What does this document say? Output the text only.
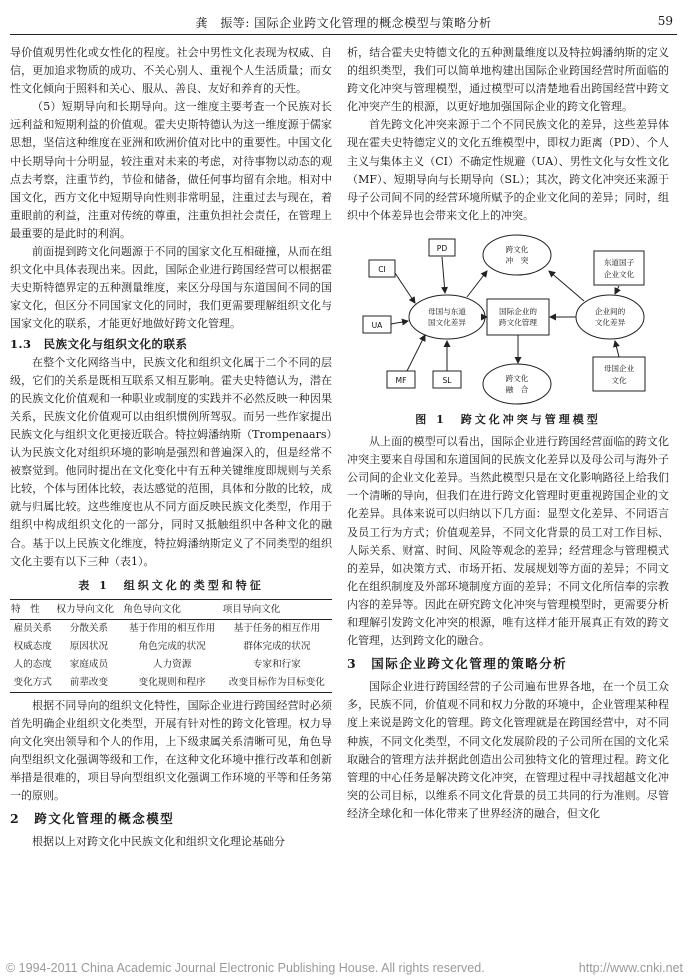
龚　振等: 国际企业跨文化管理的概念模型与策略分析	59

导价值观男性化或女性化的程度。社会中男性文化表现为权威、自信，更加追求物质的成功、不关心别人、重视个人生活质量；而女性文化倾向于照料和关心、服从、善良、友好和养育的天性。

（5）短期导向和长期导向。这一维度主要考查一个民族对长远利益和短期利益的价值观。霍夫史斯特德认为这一维度源于儒家思想，坚信这种维度在亚洲和欧洲价值对比中的重要性。中国文化中长期导向十分明显，较注重对未来的考虑，对待事物以动态的观点去考察，注重节约，节俭和储备，做任何事均留有余地。相对中国文化，西方文化中短期导向性则非常明显，注重过去与现在，着重眼前的利益，注重对传统的尊重，注重负担社会责任，在管理上最重要的是此时的利润。

前面提到跨文化问题源于不同的国家文化互相碰撞，从而在组织文化中具体表现出来。因此，国际企业进行跨国经营可以根据霍夫史斯特德界定的五种测量维度，来区分母国与东道国间不同的国家文化，但区分不同国家文化的同时，我们更需要理解组织文化与国家文化的联系，才能更好地做好跨文化管理。

1.3　民族文化与组织文化的联系

在整个文化网络当中，民族文化和组织文化属于二个不同的层级，它们的关系是既相互联系又相互影响。霍夫史特德认为，潜在的民族文化价值观和一种职业或制度的实践并不必然反映一种因果关系，民族文化价值观可以由组织惯例所驾驭。而另一些作家提出民族文化与组织文化更接近联合。特拉姆潘纳斯（Trompenaars）认为民族文化对组织环境的影响是强烈和普遍深入的，但是经常不被察觉到。他同时提出在文化变化中有五种关键维度即规则与关系比较，个体与团体比较，表达感觉的范围，具体和分散的比较，成就与归属比较。这些维度也从不同方面反映民族文化类型，作用于组织中构成组织文化的一部分，同时又抵触组织中各种文化的融合。基于以上民族文化维度，特拉姆潘纳斯定义了不同类型的组织文化主要有以下三种（表1）。

表 1　组织文化的类型和特征
特　性	权力导向文化	角色导向文化	项目导向文化
雇员关系	分散关系	基于作用的相互作用	基于任务的相互作用
权威态度	原因状况	角色完成的状况	群体完成的状况
人的态度	家庭成员	人力资源	专家和行家
变化方式	前辈改变	变化规则和程序	改变目标作为目标变化

根据不同导向的组织文化特性，国际企业进行跨国经营时必须首先明确企业组织文化类型，开展有针对性的跨文化管理。权力导向文化突出领导和个人的作用，上下级隶属关系清晰可见，角色导向型组织文化强调等级和工作，在这种文化环境中推行改革和创新举措是很难的，项目导向型组织文化强调工作环境的平等和任务第一的原则。

2　跨文化管理的概念模型

根据以上对跨文化中民族文化和组织文化理论基础分

析，结合霍夫史特德文化的五种测量维度以及特拉姆潘纳斯的定义的组织类型，我们可以简单地构建出国际企业跨国经营时所面临的跨文化冲突与管理模型，通过模型可以清楚地看出跨国经营中跨文化冲突产生的根源，以更好地加强国际企业的跨文化管理。

首先跨文化冲突来源于二个不同民族文化的差异，这些差异体现在霍夫史特德定义的文化五维模型中，即权力距离（PD）、个人主义与集体主义（CI）不确定性规避（UA）、男性文化与女性文化（MF）、短期导向与长期导向（SL）；其次，跨文化冲突还来源于母子公司间不同的经营环境所赋予的企业文化间的差异；同时，组织中个体差异也会带来文化上的冲突。

跨文化
冲　突
母国与东道
国文化差异
国际企业的
跨文化管理
企业间的
文化差异
跨文化
融　合
PD
CI
UA
MF	SL
东道国子
企业文化
母国企业
文化
图 1　跨文化冲突与管理模型

从上面的模型可以看出，国际企业进行跨国经营面临的跨文化冲突主要来自母国和东道国间的民族文化差异以及母公司与海外子公司间的企业文化差异。当然此模型只是在文化影响路径上给我们一个清晰的导向，但我们在进行跨文化管理时更重视跨国企业的文化差异。具体来说可以归纳以下几方面：显型文化差异、不同语言及员工行为方式；价值观差异，不同文化背景的员工对工作目标、人际关系、财富、时间、风险等观念的差异；经营理念与管理模式的差异，如决策方式、市场开拓、发展规划等方面的差异；不同文化在组织制度及外部环境制度方面的差异；不同文化所信奉的宗教内容的差异等。因此在研究跨文化冲突与管理模型时，更需要分析和理解引发跨文化冲突的根源，唯有这样才能开展真正有效的跨文化管理，达到跨文化的融合。

3　国际企业跨文化管理的策略分析

国际企业进行跨国经营的子公司遍布世界各地，在一个员工众多，民族不同，价值观不同和权力分散的环境中，企业管理某种程度上来说是跨文化的管理。跨文化管理就是在跨国经营中，对不同种族，不同文化类型，不同文化发展阶段的子公司所在国的文化采取融合的管理方法并据此创造出公司独特文化的管理过程。跨文化管理的中心任务是解决跨文化冲突，在管理过程中寻找超越文化冲突的公司目标，以维系不同文化背景的员工共同的行为准则。尽管经济全球化和一体化带来了世界经济的融合，但文化

© 1994-2011 China Academic Journal Electronic Publishing House. All rights reserved.	http://www.cnki.net
